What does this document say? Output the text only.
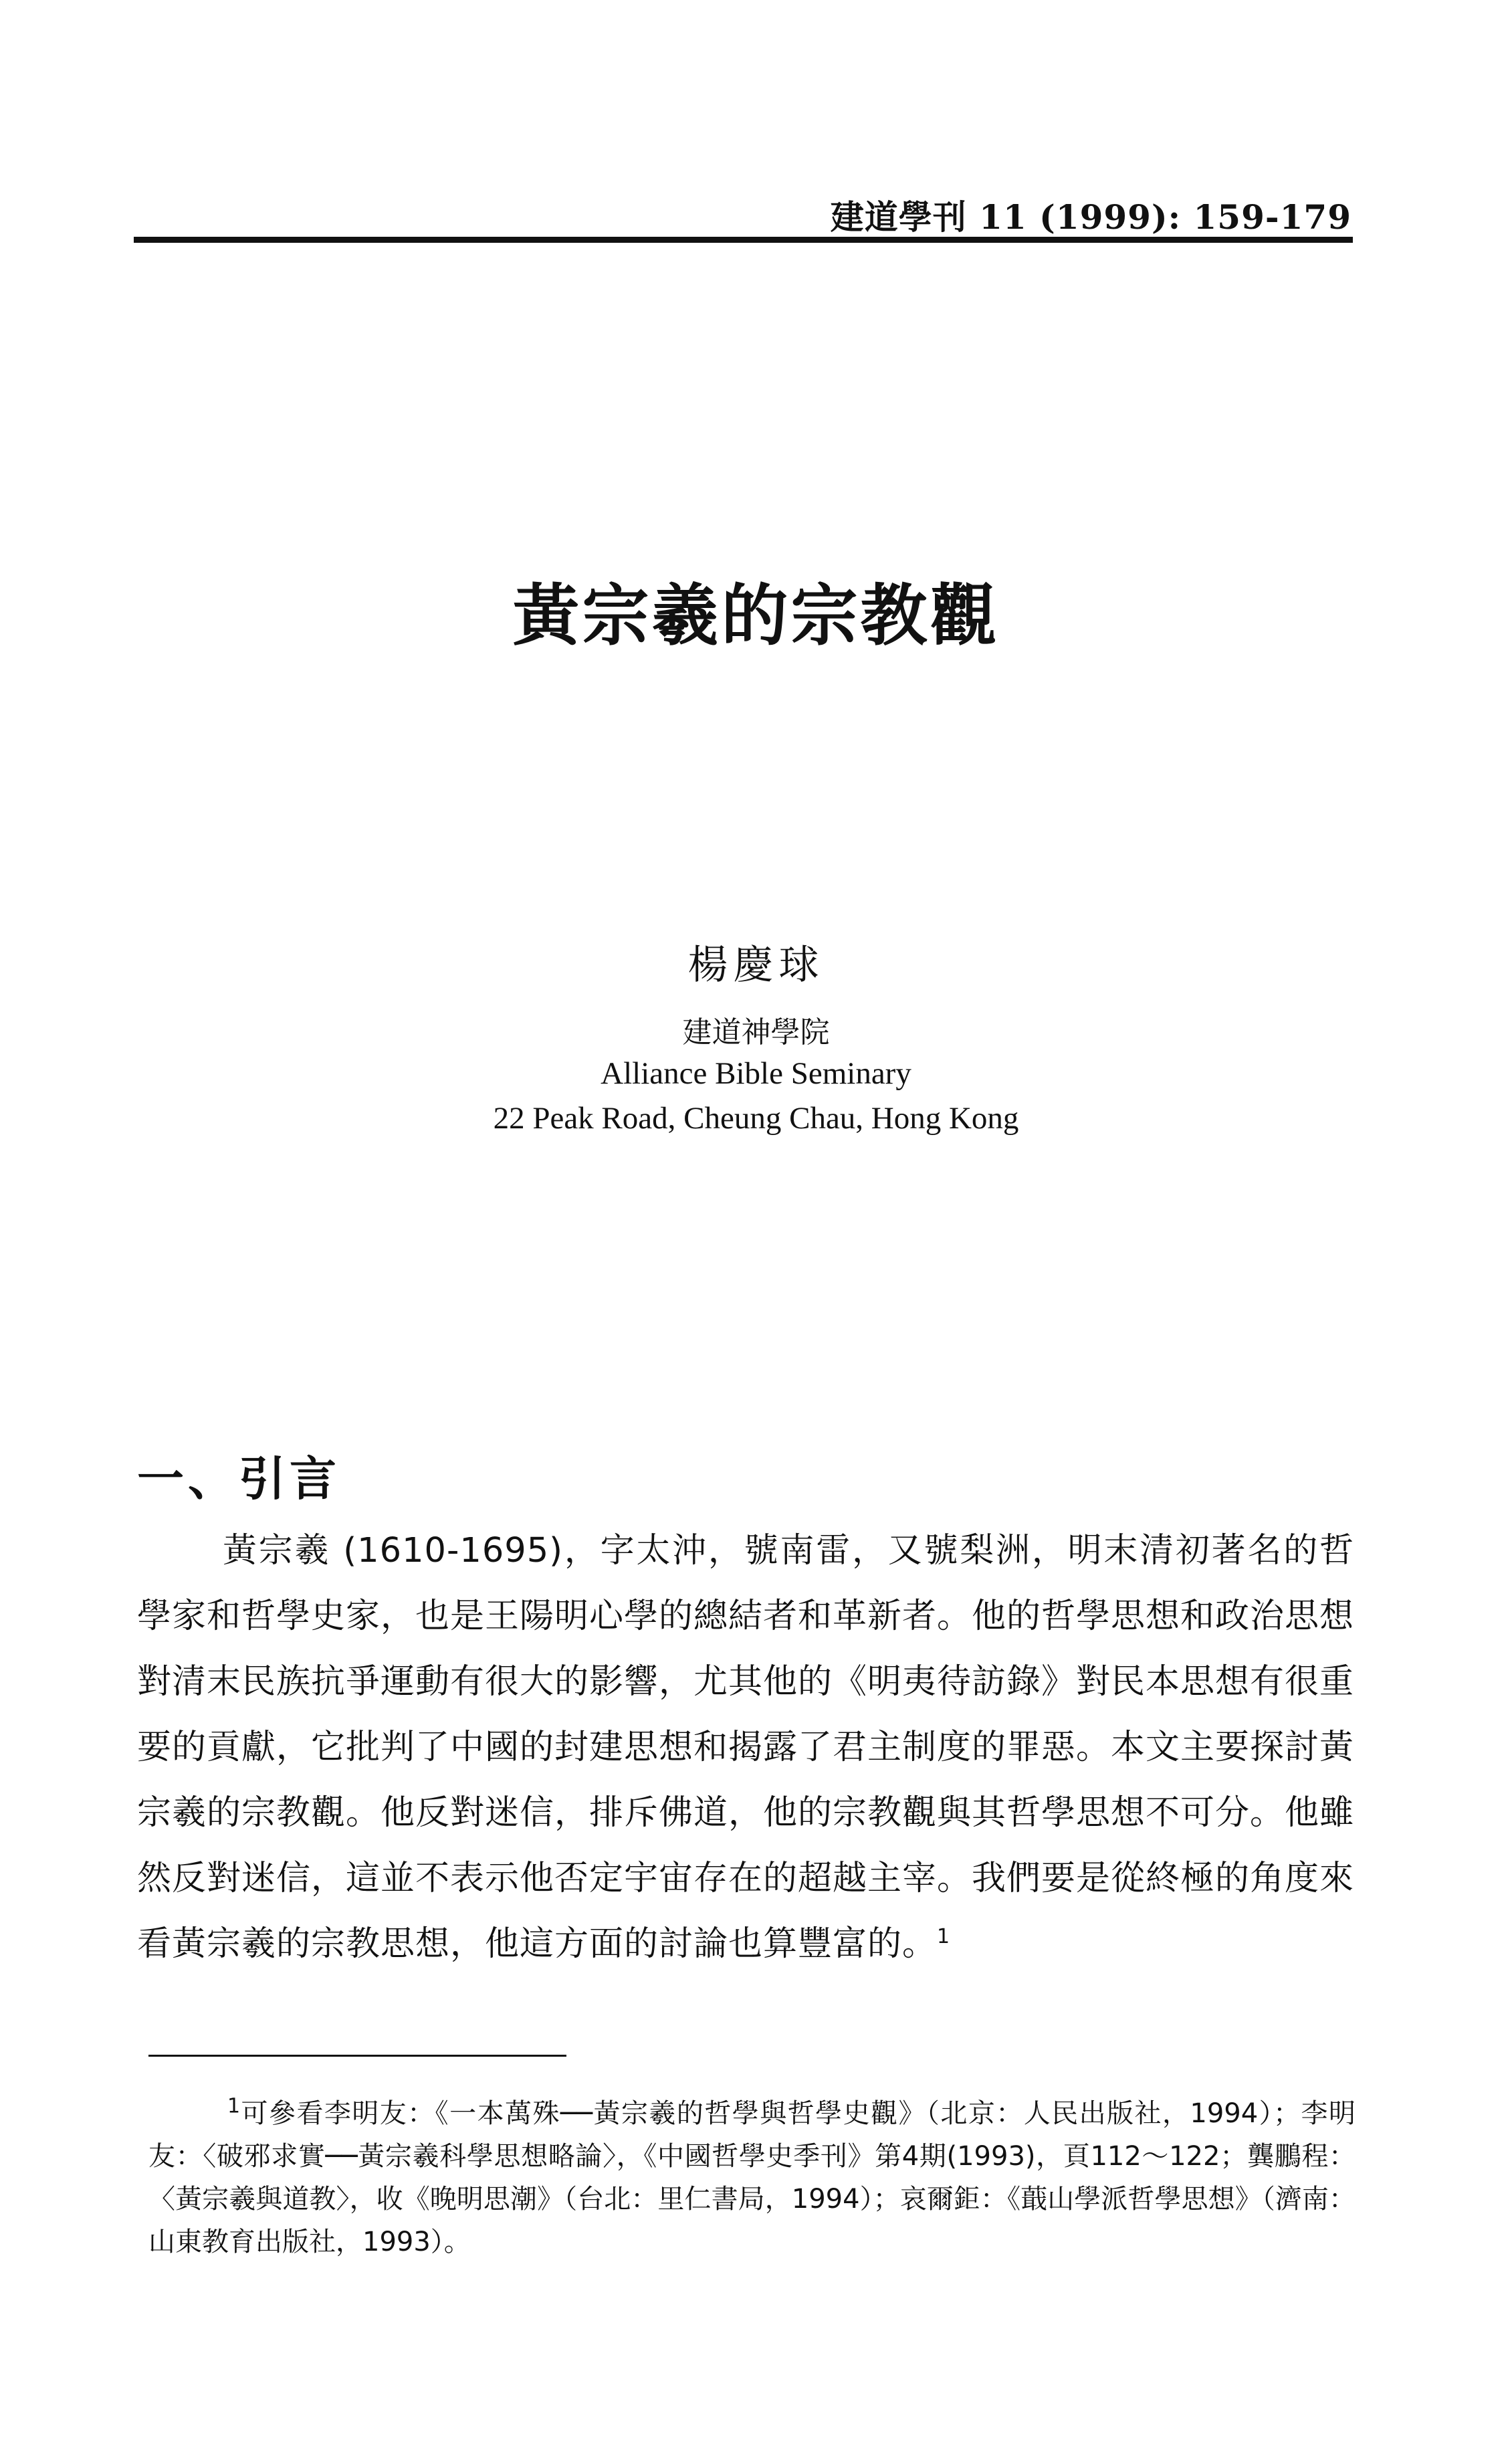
建道學刊 11 (1999): 159-179
黃宗羲的宗教觀
楊慶球
建道神學院
Alliance Bible Seminary
22 Peak Road, Cheung Chau, Hong Kong
一、引言

黃宗羲 (1610-1695)，字太沖，號南雷，又號梨洲，明末清初著名的哲學家和哲學史家，也是王陽明心學的總結者和革新者。他的哲學思想和政治思想對清末民族抗爭運動有很大的影響，尤其他的《明夷待訪錄》對民本思想有很重要的貢獻，它批判了中國的封建思想和揭露了君主制度的罪惡。本文主要探討黃宗羲的宗教觀。他反對迷信，排斥佛道，他的宗教觀與其哲學思想不可分。他雖然反對迷信，這並不表示他否定宇宙存在的超越主宰。我們要是從終極的角度來看黃宗羲的宗教思想，他這方面的討論也算豐富的。$^1$

$^1$可參看李明友：《一本萬殊──黃宗羲的哲學與哲學史觀》（北京：人民出版社，1994）；李明友：〈破邪求實──黃宗羲科學思想略論〉，《中國哲學史季刊》第4期(1993)，頁112～122；龔鵬程：〈黃宗羲與道教〉，收《晚明思潮》（台北：里仁書局，1994）；哀爾鉅：《蕺山學派哲學思想》（濟南：山東教育出版社，1993）。
